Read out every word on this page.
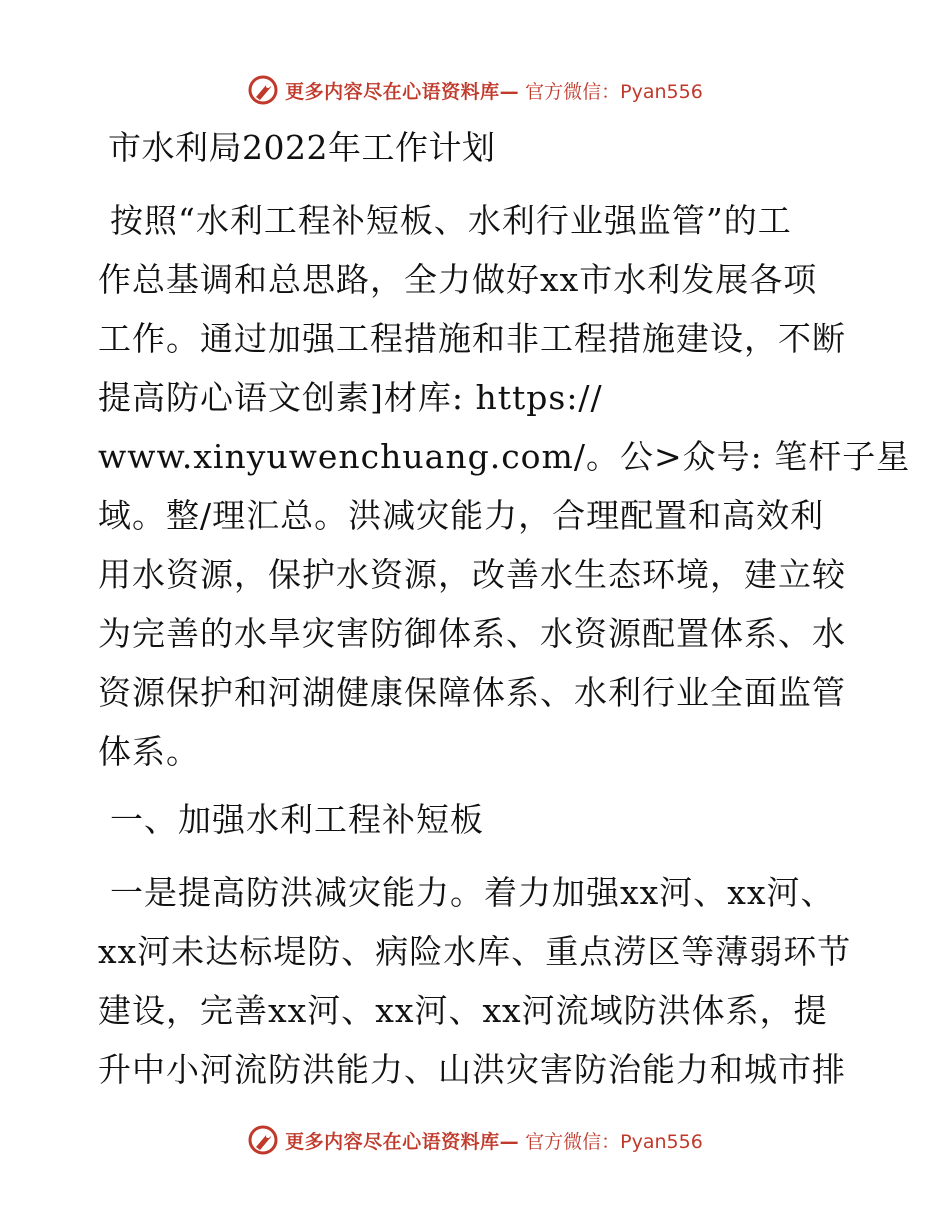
更多内容尽在心语资料库— 官方微信：Pyan556
市水利局2022年工作计划
按照“水利工程补短板、水利行业强监管”的工
作总基调和总思路，全力做好xx市水利发展各项
工作。通过加强工程措施和非工程措施建设，不断
提高防心语文创素]材库: https://
www.xinyuwenchuang.com/。公>众号: 笔杆子星
域。整/理汇总。洪减灾能力，合理配置和高效利
用水资源，保护水资源，改善水生态环境，建立较
为完善的水旱灾害防御体系、水资源配置体系、水
资源保护和河湖健康保障体系、水利行业全面监管
体系。
一、加强水利工程补短板
一是提高防洪减灾能力。着力加强xx河、xx河、
xx河未达标堤防、病险水库、重点涝区等薄弱环节
建设，完善xx河、xx河、xx河流域防洪体系，提
升中小河流防洪能力、山洪灾害防治能力和城市排
更多内容尽在心语资料库— 官方微信：Pyan556
